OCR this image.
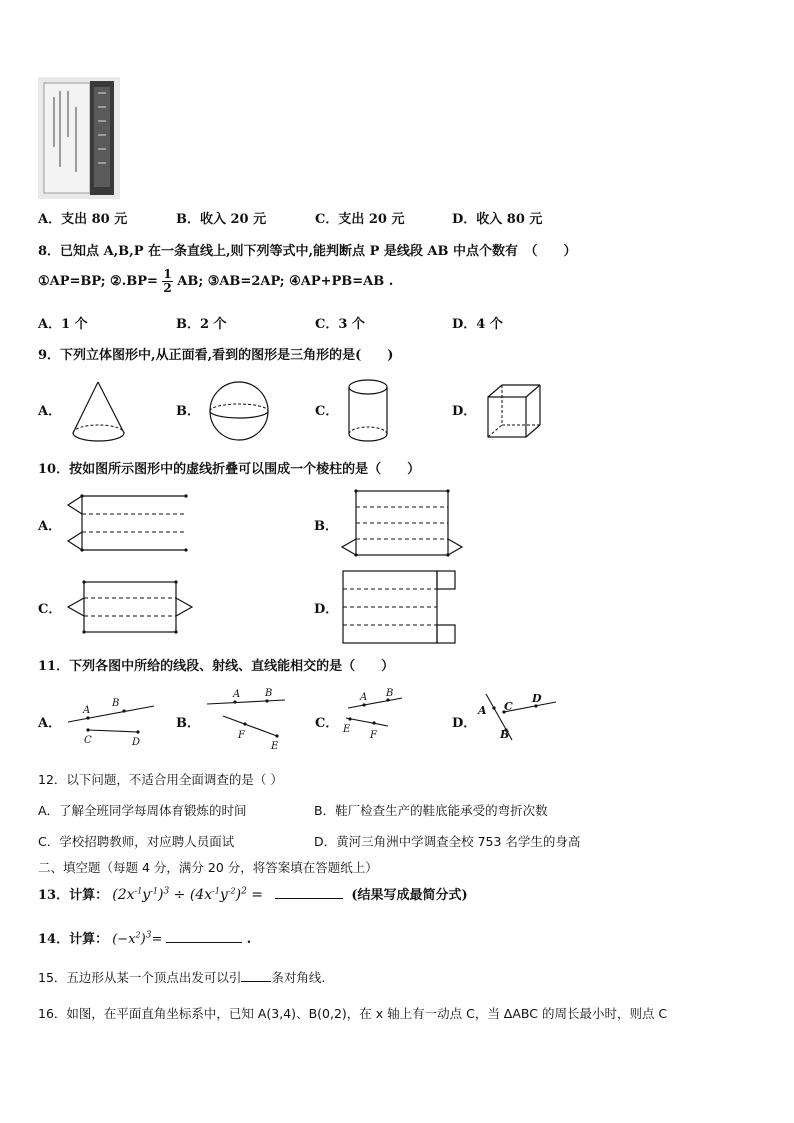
A．支出 80 元	B．收入 20 元	C．支出 20 元	D．收入 80 元
8．已知点 A,B,P 在一条直线上,则下列等式中,能判断点 P 是线段 AB 中点个数有　（　　）
①AP=BP; ②.BP= $\frac{1}{2}$ AB; ③AB=2AP; ④AP+PB=AB .
A．1 个	B．2 个	C．3 个	D．4 个
9．下列立体图形中,从正面看,看到的图形是三角形的是(　　)
A．	B．	C．	D．
10．按如图所示图形中的虚线折叠可以围成一个棱柱的是（　　）
A．	B．
C．	D．
11．下列各图中所给的线段、射线、直线能相交的是（　　）
A．	B．	C．	D．
A
B
C	D
A B
F
E
A B
E
F
A C
D
B
12．以下问题，不适合用全面调查的是（ ）
A．了解全班同学每周体育锻炼的时间	B．鞋厂检查生产的鞋底能承受的弯折次数
C．学校招聘教师，对应聘人员面试	D．黄河三角洲中学调查全校 753 名学生的身高
二、填空题（每题 4 分，满分 20 分，将答案填在答题纸上）
13．计算： $(2x^{-1}y^{-1})^3 \div (4x^{-1}y^{-2})^2$ =	(结果写成最简分式)
14．计算： $(-x^2)^3=$	.
15．五边形从某一个顶点出发可以引 条对角线.
16．如图，在平面直角坐标系中，已知 A(3,4)、B(0,2)，在 x 轴上有一动点 C，当 ΔABC 的周长最小时，则点 C
